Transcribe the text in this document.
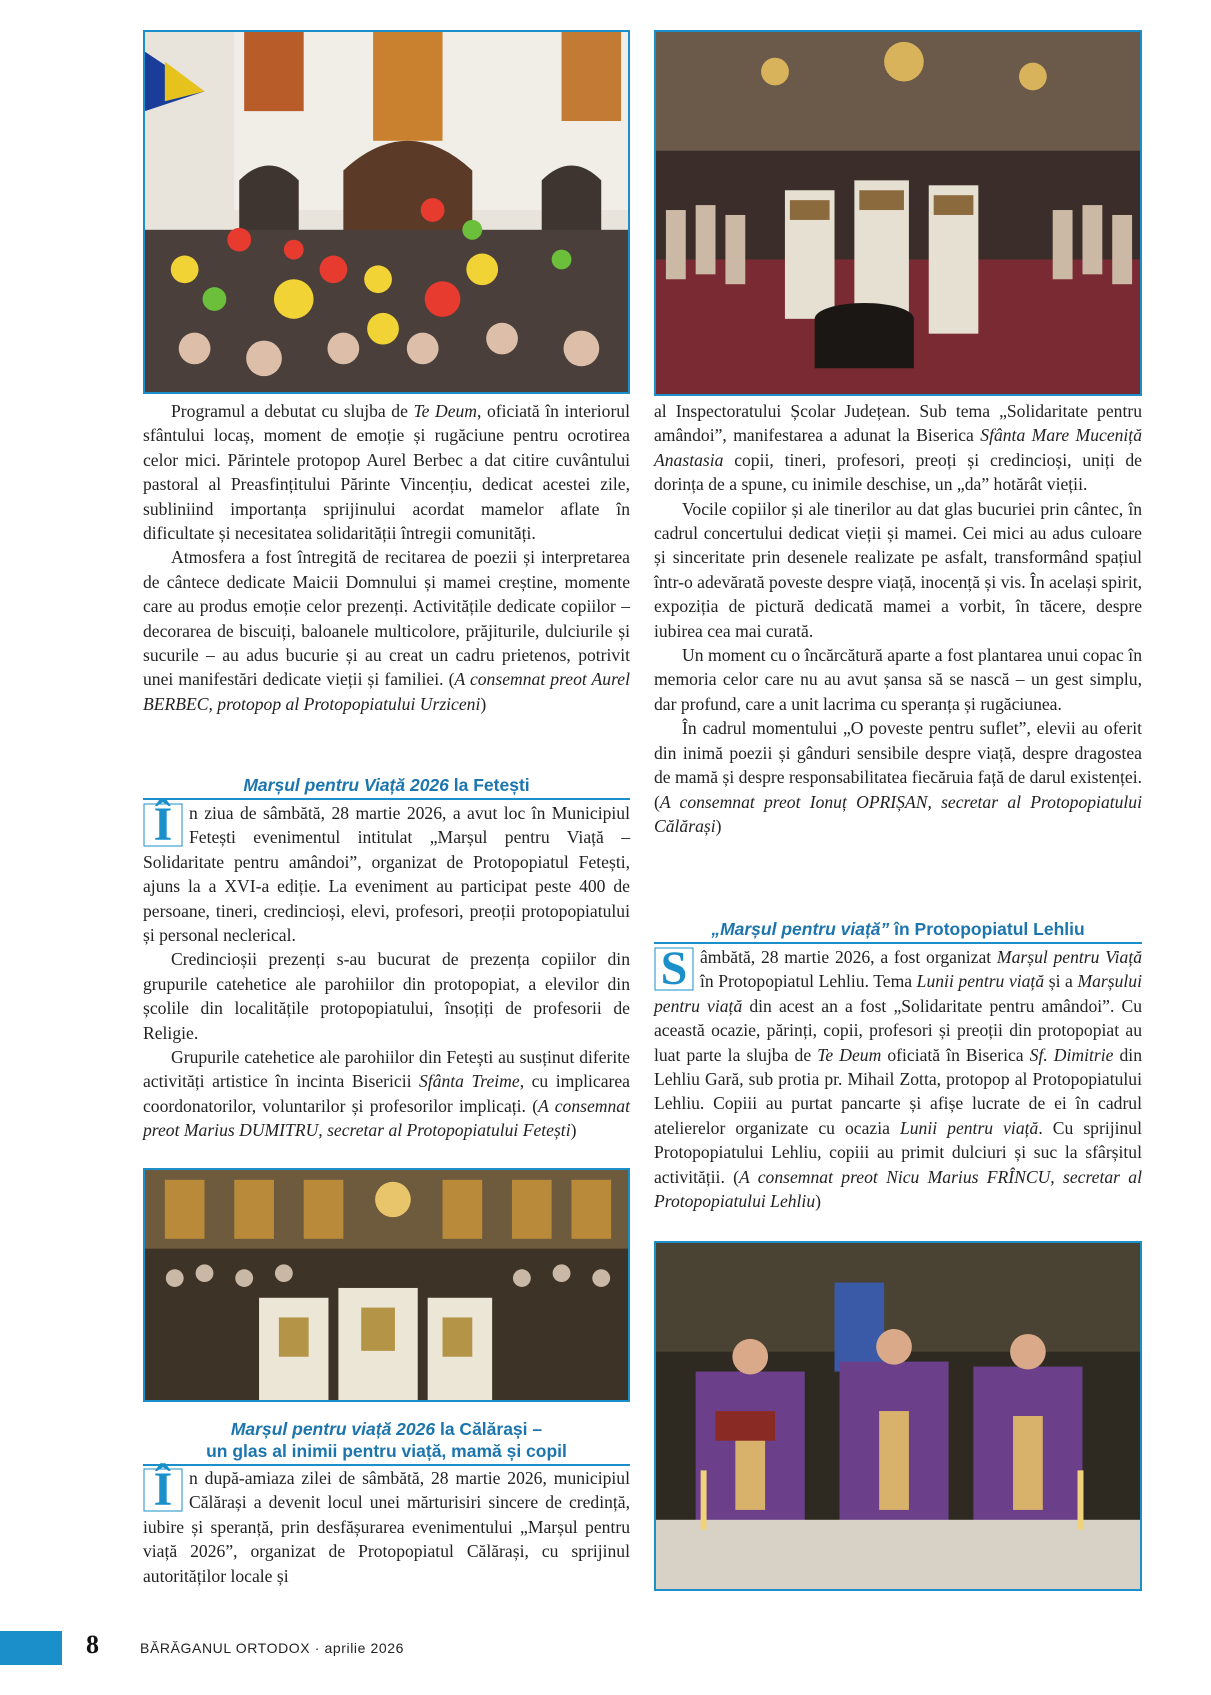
Programul a debutat cu slujba de Te Deum, oficiată în interiorul sfântului locaș, moment de emoție și rugăciune pentru ocrotirea celor mici. Părintele protopop Aurel Berbec a dat citire cuvântului pastoral al Preasfințitului Părinte Vincențiu, dedicat acestei zile, subliniind importanța sprijinului acordat mamelor aflate în dificultate și necesitatea solidarității întregii comunități.

Atmosfera a fost întregită de recitarea de poezii și interpretarea de cântece dedicate Maicii Domnului și mamei creștine, momente care au produs emoție celor prezenți. Activitățile dedicate copiilor – decorarea de biscuiți, baloanele multicolore, prăjiturile, dulciurile și sucurile – au adus bucurie și au creat un cadru prietenos, potrivit unei manifestări dedicate vieții și familiei. (A consemnat preot Aurel BERBEC, protopop al Protopopiatului Urziceni)

Marșul pentru Viață 2026 la Fetești

Î n ziua de sâmbătă, 28 martie 2026, a avut loc în Municipiul Fetești evenimentul intitulat „Marșul pentru Viață – Solidaritate pentru amândoi”, organizat de Protopopiatul Fetești, ajuns la a XVI-a ediție. La eveniment au participat peste 400 de persoane, tineri, credincioși, elevi, profesori, preoții protopopiatului și personal neclerical.

Credincioșii prezenți s-au bucurat de prezența copiilor din grupurile catehetice ale parohiilor din protopopiat, a elevilor din școlile din localitățile protopopiatului, însoțiți de profesorii de Religie.

Grupurile catehetice ale parohiilor din Fetești au susținut diferite activități artistice în incinta Bisericii Sfânta Treime, cu implicarea coordonatorilor, voluntarilor și profesorilor implicați. (A consemnat preot Marius DUMITRU, secretar al Protopopiatului Fetești)

Marșul pentru viață 2026 la Călărași –
un glas al inimii pentru viață, mamă și copil

Î n după-amiaza zilei de sâmbătă, 28 martie 2026, municipiul Călărași a devenit locul unei mărturisiri sincere de credință, iubire și speranță, prin desfășurarea evenimentului „Marșul pentru viață 2026”, organizat de Protopopiatul Călărași, cu sprijinul autorităților locale și

al Inspectoratului Școlar Județean. Sub tema „Solidaritate pentru amândoi”, manifestarea a adunat la Biserica Sfânta Mare Muceniță Anastasia copii, tineri, profesori, preoți și credincioși, uniți de dorința de a spune, cu inimile deschise, un „da” hotărât vieții.

Vocile copiilor și ale tinerilor au dat glas bucuriei prin cântec, în cadrul concertului dedicat vieții și mamei. Cei mici au adus culoare și sinceritate prin desenele realizate pe asfalt, transformând spațiul într-o adevărată poveste despre viață, inocență și vis. În același spirit, expoziția de pictură dedicată mamei a vorbit, în tăcere, despre iubirea cea mai curată.

Un moment cu o încărcătură aparte a fost plantarea unui copac în memoria celor care nu au avut șansa să se nască – un gest simplu, dar profund, care a unit lacrima cu speranța și rugăciunea.

În cadrul momentului „O poveste pentru suflet”, elevii au oferit din inimă poezii și gânduri sensibile despre viață, despre dragostea de mamă și despre responsabilitatea fiecăruia față de darul existenței. (A consemnat preot Ionuț OPRIȘAN, secretar al Protopopiatului Călărași)

„Marșul pentru viață” în Protopopiatul Lehliu

S âmbătă, 28 martie 2026, a fost organizat Marșul pentru Viață în Protopopiatul Lehliu. Tema Lunii pentru viață și a Marșului pentru viață din acest an a fost „Solidaritate pentru amândoi”. Cu această ocazie, părinți, copii, profesori și preoții din protopopiat au luat parte la slujba de Te Deum oficiată în Biserica Sf. Dimitrie din Lehliu Gară, sub protia pr. Mihail Zotta, protopop al Protopopiatului Lehliu. Copiii au purtat pancarte și afișe lucrate de ei în cadrul atelierelor organizate cu ocazia Lunii pentru viață. Cu sprijinul Protopopiatului Lehliu, copiii au primit dulciuri și suc la sfârșitul activității. (A consemnat preot Nicu Marius FRÎNCU, secretar al Protopopiatului Lehliu)

8	BĂRĂGANUL ORTODOX · aprilie 2026
